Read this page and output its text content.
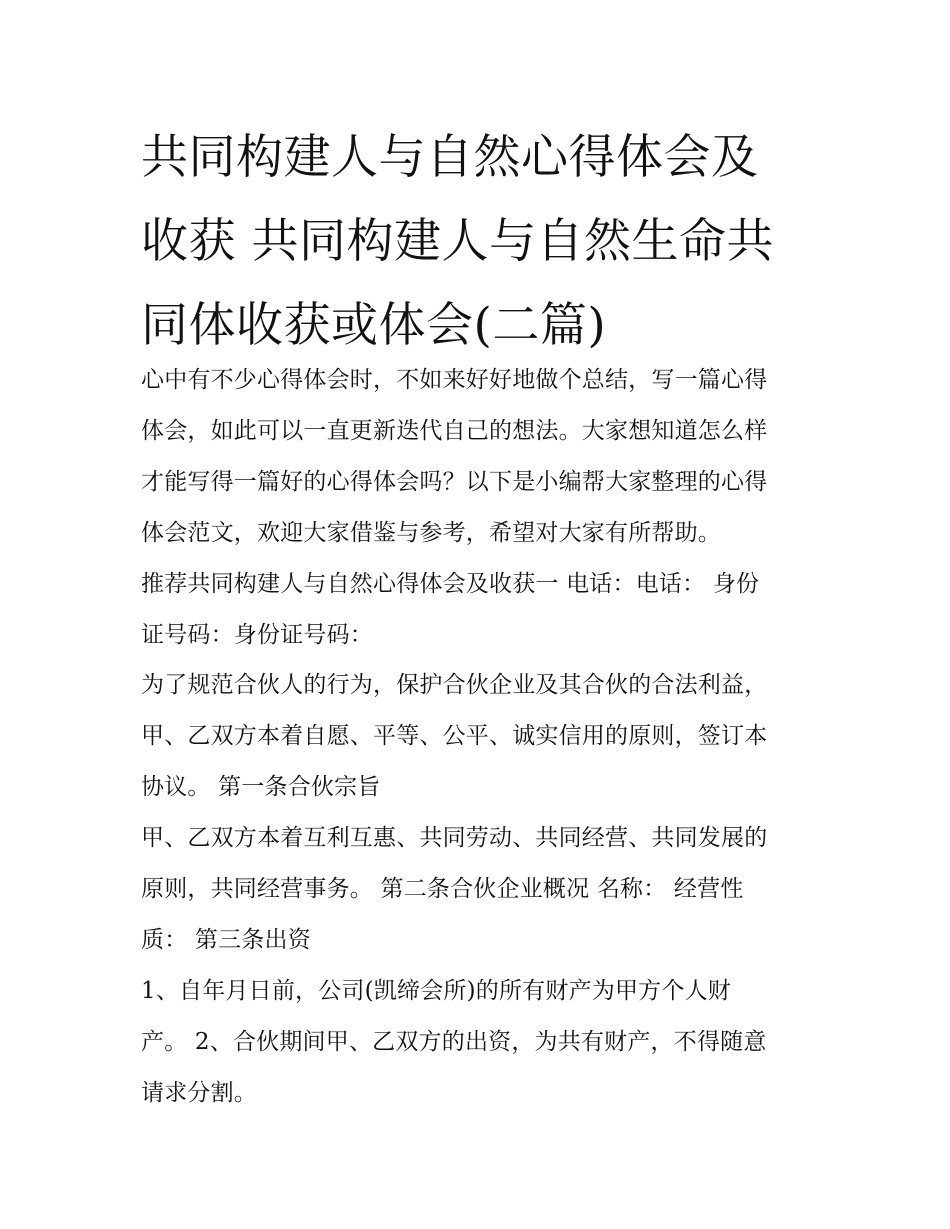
共同构建人与自然心得体会及
收获 共同构建人与自然生命共
同体收获或体会(二篇)

心中有不少心得体会时，不如来好好地做个总结，写一篇心得
体会，如此可以一直更新迭代自己的想法。大家想知道怎么样
才能写得一篇好的心得体会吗？以下是小编帮大家整理的心得
体会范文，欢迎大家借鉴与参考，希望对大家有所帮助。

推荐共同构建人与自然心得体会及收获一 电话：电话： 身份
证号码：身份证号码：

为了规范合伙人的行为，保护合伙企业及其合伙的合法利益，
甲、乙双方本着自愿、平等、公平、诚实信用的原则，签订本
协议。 第一条合伙宗旨

甲、乙双方本着互利互惠、共同劳动、共同经营、共同发展的
原则，共同经营事务。 第二条合伙企业概况 名称： 经营性
质： 第三条出资

1、自年月日前，公司(凯缔会所)的所有财产为甲方个人财
产。 2、合伙期间甲、乙双方的出资，为共有财产，不得随意
请求分割。
